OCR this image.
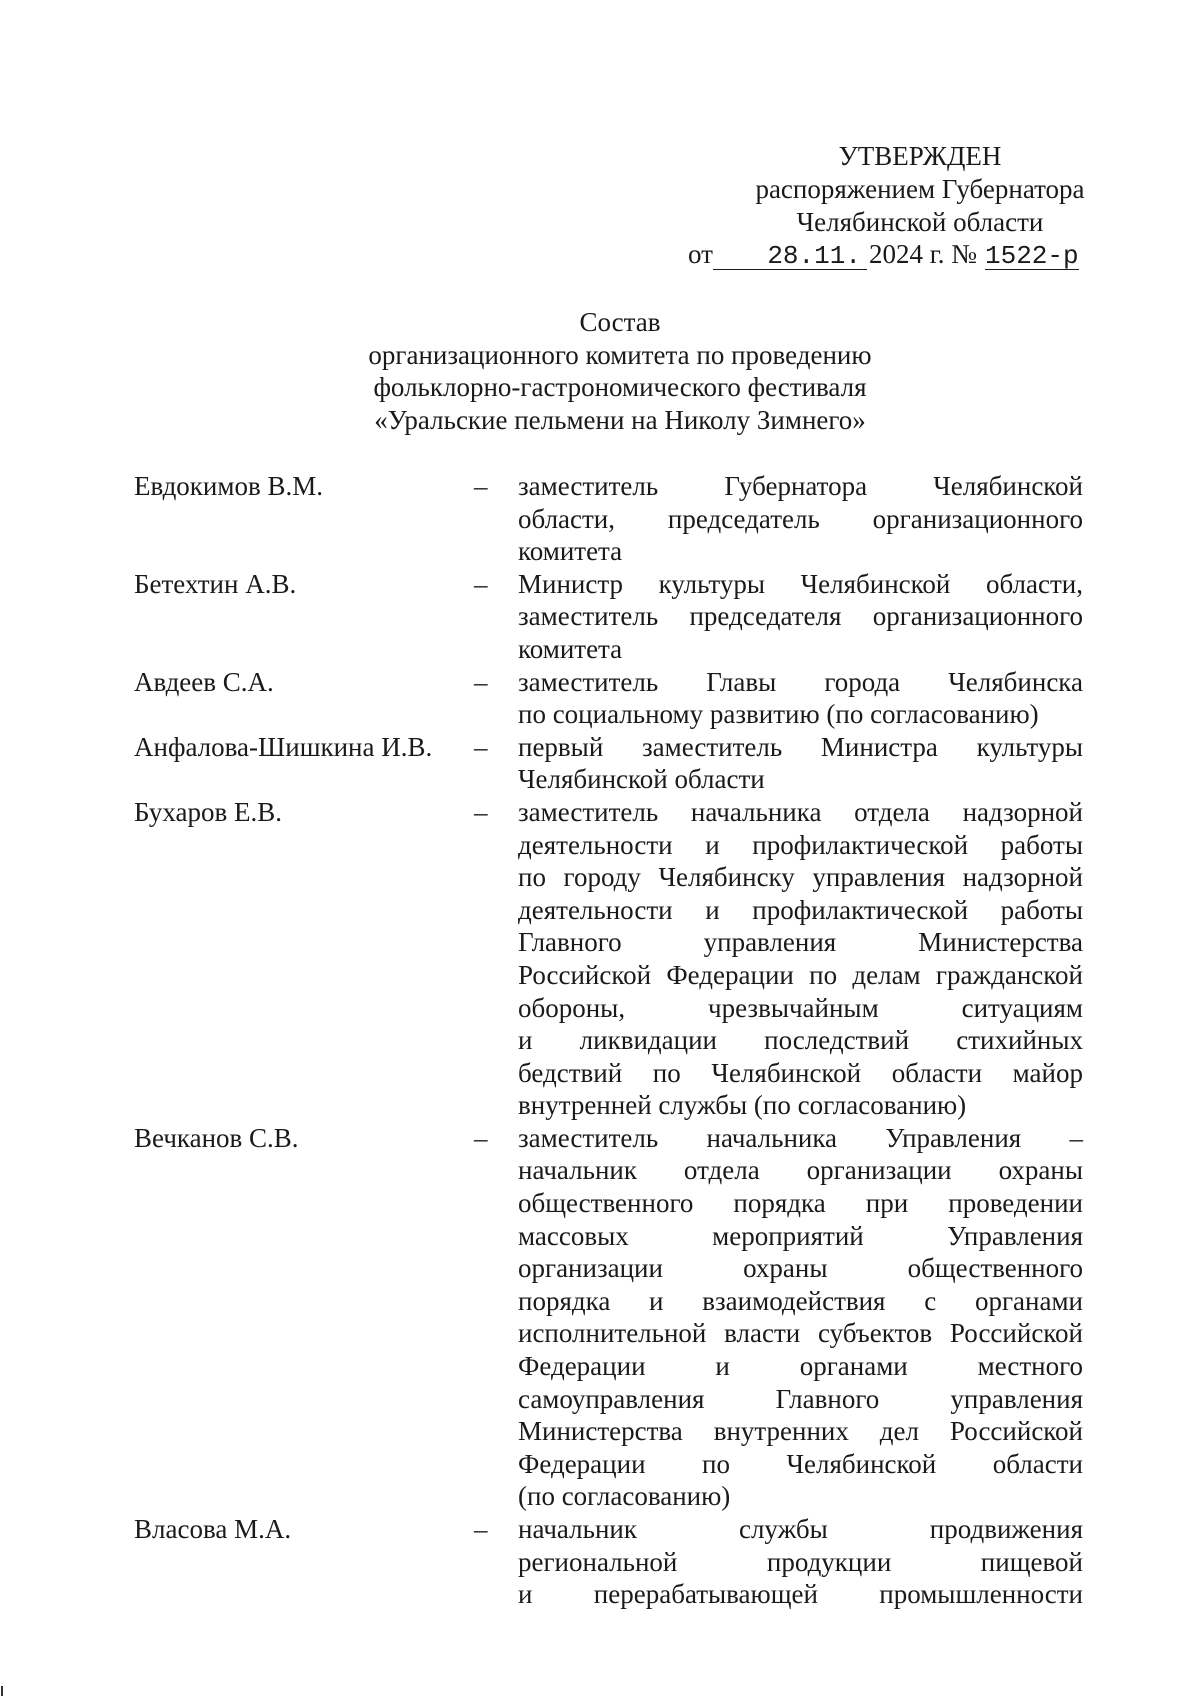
УТВЕРЖДЕН
распоряжением Губернатора
Челябинской области
от 28.11. 2024 г. № 1522-р
Состав
организационного комитета по проведению
фольклорно-гастрономического фестиваля
«Уральские пельмени на Николу Зимнего»
Евдокимов В.М.	– заместитель Губернатора Челябинской
области, председатель организационного
комитета
Бетехтин А.В.	– Министр культуры Челябинской области,
заместитель председателя организационного
комитета
Авдеев С.А.	– заместитель Главы города Челябинска
по социальному развитию (по согласованию)
Анфалова-Шишкина И.В. – первый заместитель Министра культуры
Челябинской области
Бухаров Е.В.	– заместитель начальника отдела надзорной
деятельности и профилактической работы
по городу Челябинску управления надзорной
деятельности и профилактической работы
Главного управления Министерства
Российской Федерации по делам гражданской
обороны, чрезвычайным ситуациям
и ликвидации последствий стихийных
бедствий по Челябинской области майор
внутренней службы (по согласованию)
Вечканов С.В.	– заместитель начальника Управления –
начальник отдела организации охраны
общественного порядка при проведении
массовых мероприятий Управления
организации охраны общественного
порядка и взаимодействия с органами
исполнительной власти субъектов Российской
Федерации и органами местного
самоуправления Главного управления
Министерства внутренних дел Российской
Федерации по Челябинской области
(по согласованию)
Власова М.А.	– начальник службы продвижения
региональной продукции пищевой
и перерабатывающей промышленности
